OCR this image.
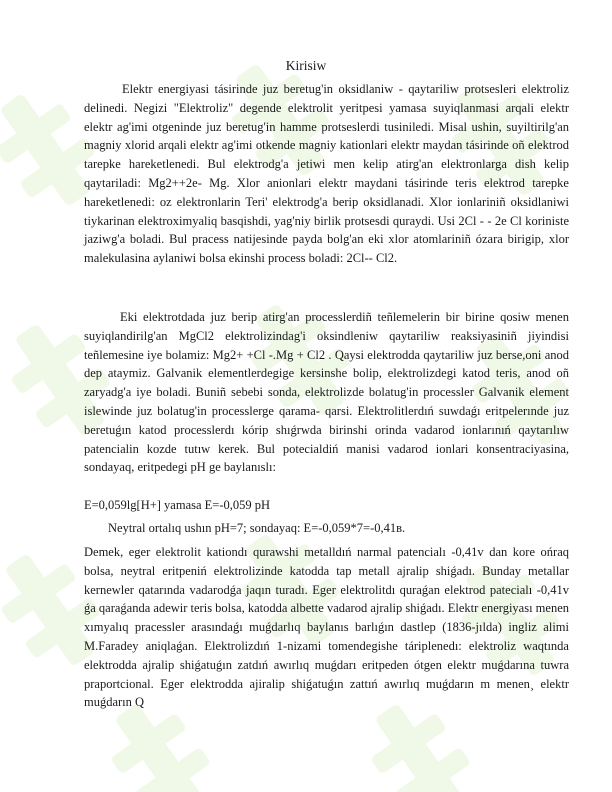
Kirisiw

Elektr energiyasi tásirinde juz beretug'in oksidlaniw - qaytariliw protsesleri elektroliz delinedi. Negizi "Elektroliz" degende elektrolit yeritpesi yamasa suyiqlanmasi arqali elektr elektr ag'imi otgeninde juz beretug'in hamme protseslerdi tusiniledi. Misal ushin, suyiltirilg'an magniy xlorid arqali elektr ag'imi otkende magniy kationlari elektr maydan tásirinde oñ elektrod tarepke hareketlenedi. Bul elektrodg'a jetiwi men kelip atirg'an elektronlarga dish kelip qaytariladi: Mg2++2e- Mg. Xlor anionlari elektr maydani tásirinde teris elektrod tarepke hareketlenedi: oz elektronlarin Teri' elektrodg'a berip oksidlanadi. Xlor ionlariniñ oksidlaniwi tiykarinan elektroximyaliq basqishdi, yag'niy birlik protsesdi quraydi. Usi 2Cl - - 2e Cl koriniste jaziwg'a boladi. Bul pracess natijesinde payda bolg'an eki xlor atomlariniñ ózara birigip, xlor malekulasina aylaniwi bolsa ekinshi process boladi: 2Cl-- Cl2.

Eki elektrotdada juz berip atirg'an processlerdiñ teñlemelerin bir birine qosiw menen suyiqlandirilg'an MgCl2 elektrolizindag'i oksindleniw qaytariliw reaksiyasiniñ jiyindisi teñlemesine iye bolamiz: Mg2+ +Cl -.Mg + Cl2 . Qaysi elektrodda qaytariliw juz berse,oni anod dep ataymiz. Galvanik elementlerdegige kersinshe bolip, elektrolizdegi katod teris, anod oñ zaryadg'a iye boladi. Buniñ sebebi sonda, elektrolizde bolatug'in processler Galvanik element islewinde juz bolatug'in processlerge qarama- qarsi. Elektrolitlerdıń suwdaǵı eritpelerınde juz beretuǵın katod processlerdı kórip shıǵrwda birinshi orinda vadarod ionlarınıń qaytarılıw patencialin kozde tutıw kerek. Bul potecialdiń manisi vadarod ionlari konsentraciyasina, sondayaq, eritpedegi pH ge baylanıslı:

E=0,059lg[H+] yamasa E=-0,059 pH

Neytral ortalıq ushın pH=7; sondayaq: E=-0,059*7=-0,41в.

Demek, eger elektrolit kationdı qurawshi metalldıń narmal patencialı -0,41v dan kore ońraq bolsa, neytral eritpeniń elektrolizinde katodda tap metall ajralip shiǵadı. Bunday metallar kernewler qatarında vadarodǵa jaqın turadı. Eger elektrolitdı quraǵan elektrod patecialı -0,41v ǵa qaraǵanda adewir teris bolsa, katodda albette vadarod ajralip shiǵadı. Elektr energiyası menen xımyalıq pracessler arasındaǵı muǵdarlıq baylanıs barlıǵın dastlep (1836-jılda) ingliz alimi M.Faradey aniqlaǵan. Elektrolizdıń 1-nizami tomendegishe táriplenedı: elektroliz waqtında elektrodda ajralip shiǵatuǵın zatdıń awırlıq muǵdarı eritpeden ótgen elektr muǵdarına tuwra praportcional. Eger elektrodda ajiralip shiǵatuǵın zattıń awırlıq muǵdarın m menen¸ elektr muǵdarın Q
